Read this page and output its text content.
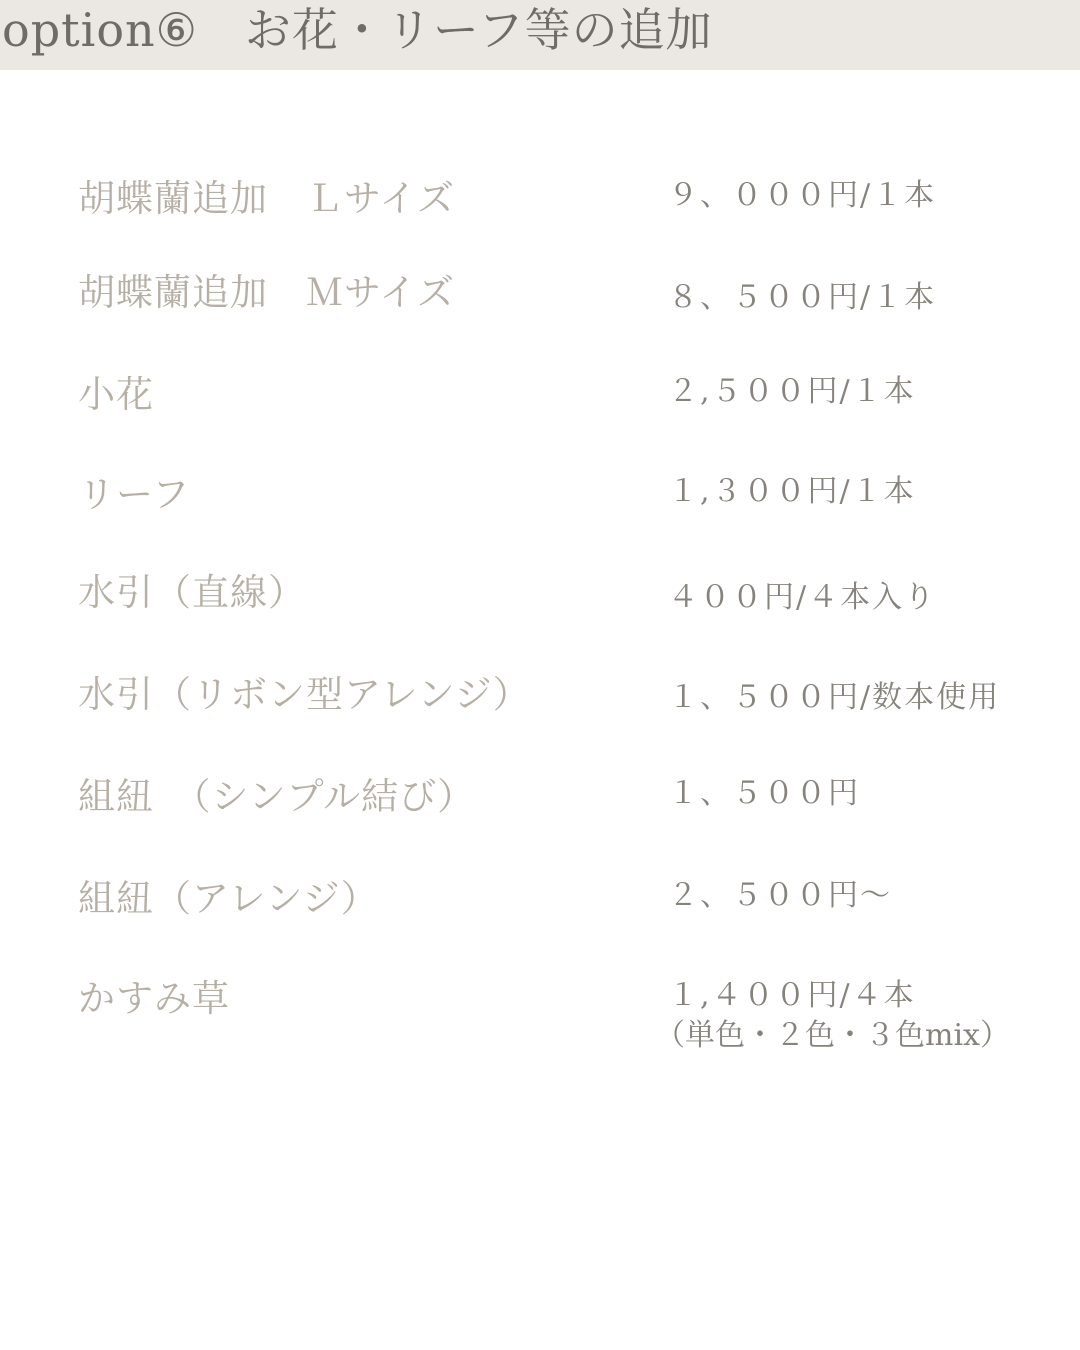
option⑥　お花・リーフ等の追加
胡蝶蘭追加　Ｌサイズ	９、０００円/１本
胡蝶蘭追加　Ｍサイズ	８、５００円/１本
小花	２,５００円/１本
リーフ	１,３００円/１本
水引（直線）	４００円/４本入り
水引（リボン型アレンジ）	１、５００円/数本使用
組紐　（シンプル結び）	１、５００円
組紐（アレンジ）	２、５００円〜
かすみ草	１,４００円/４本
（単色・２色・３色mix）
